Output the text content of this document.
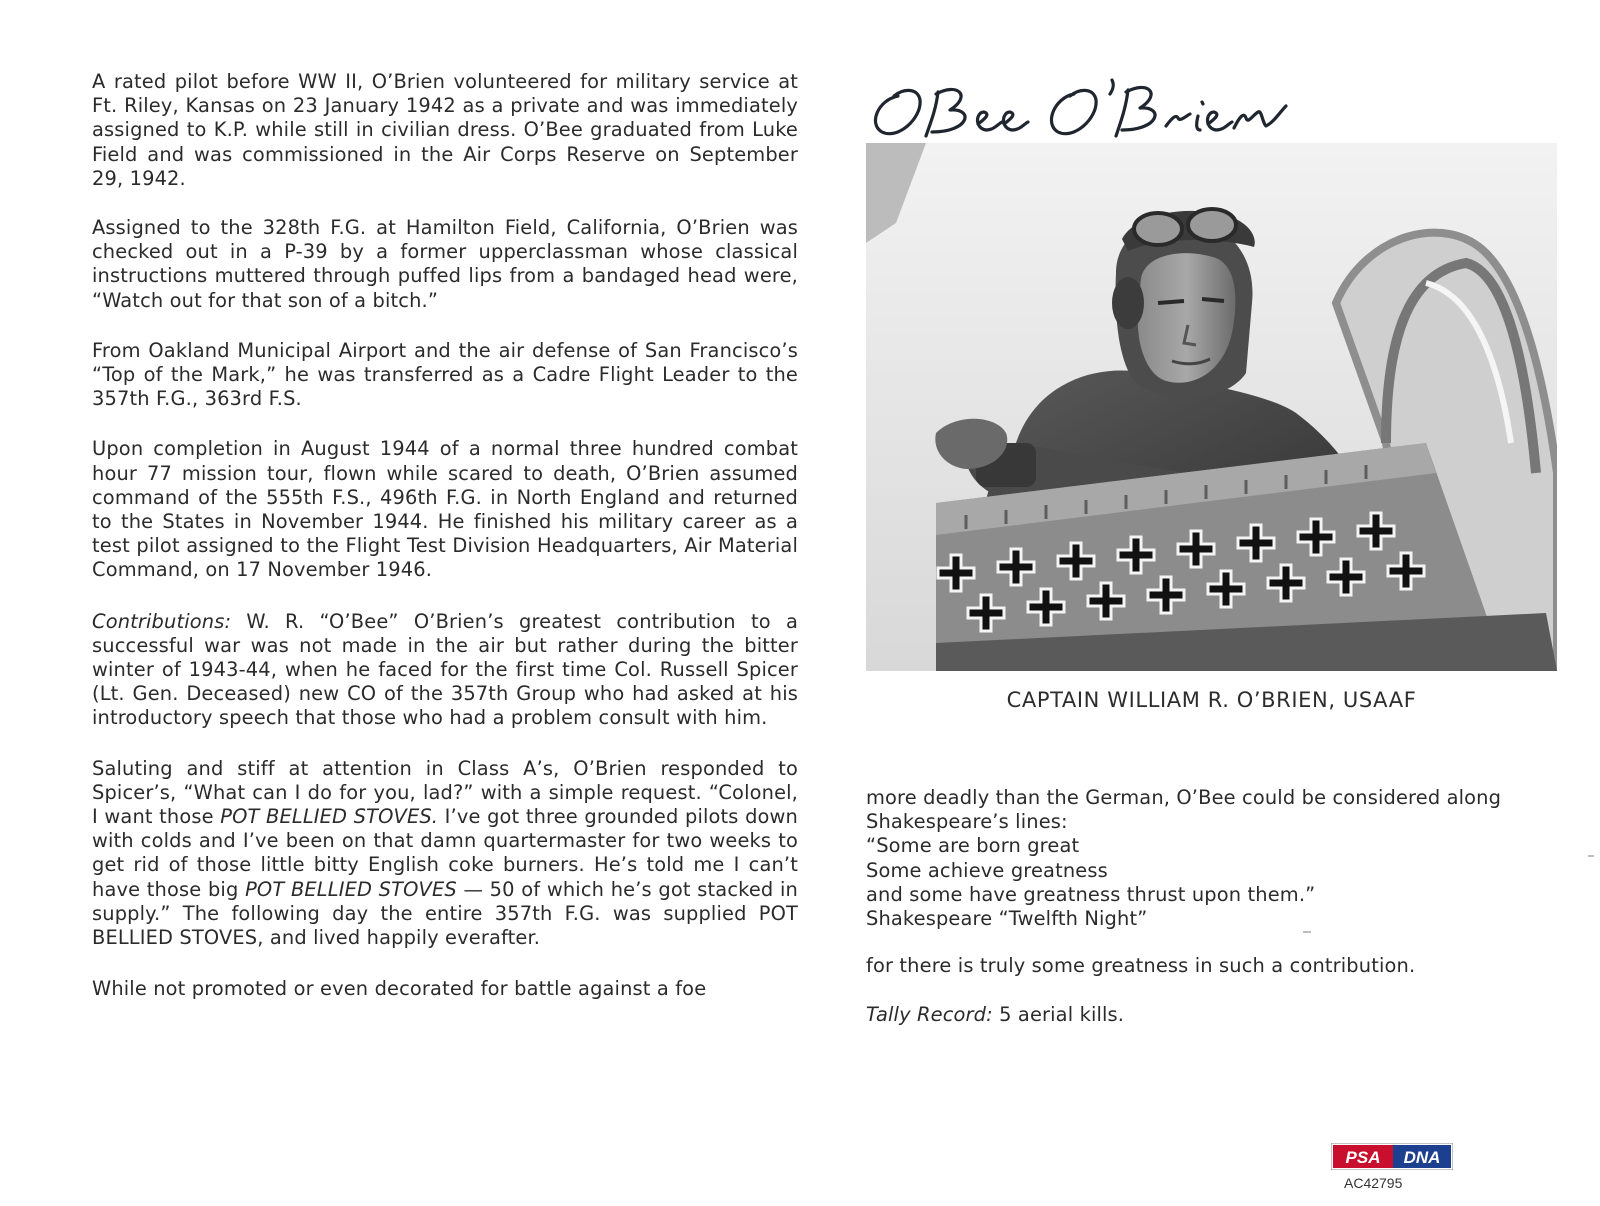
A rated pilot before WW II, O’Brien volunteered for military service at Ft. Riley, Kansas on 23 January 1942 as a private and was immediately assigned to K.P. while still in civilian dress. O’Bee graduated from Luke Field and was commissioned in the Air Corps Reserve on September 29, 1942.

Assigned to the 328th F.G. at Hamilton Field, California, O’Brien was checked out in a P-39 by a former upperclassman whose classical instructions muttered through puffed lips from a bandaged head were, “Watch out for that son of a bitch.”

From Oakland Municipal Airport and the air defense of San Francisco’s “Top of the Mark,” he was transferred as a Cadre Flight Leader to the 357th F.G., 363rd F.S.

Upon completion in August 1944 of a normal three hundred combat hour 77 mission tour, flown while scared to death, O’Brien assumed command of the 555th F.S., 496th F.G. in North England and returned to the States in November 1944. He finished his military career as a test pilot assigned to the Flight Test Division Headquarters, Air Material Command, on 17 November 1946.

Contributions: W. R. “O’Bee” O’Brien’s greatest contribution to a successful war was not made in the air but rather during the bitter winter of 1943-44, when he faced for the first time Col. Russell Spicer (Lt. Gen. Deceased) new CO of the 357th Group who had asked at his introductory speech that those who had a problem consult with him.

Saluting and stiff at attention in Class A’s, O’Brien responded to Spicer’s, “What can I do for you, lad?” with a simple request. “Colonel, I want those POT BELLIED STOVES. I’ve got three grounded pilots down with colds and I’ve been on that damn quartermaster for two weeks to get rid of those little bitty English coke burners. He’s told me I can’t have those big POT BELLIED STOVES — 50 of which he’s got stacked in supply.” The following day the entire 357th F.G. was supplied POT BELLIED STOVES, and lived happily everafter.

While not promoted or even decorated for battle against a foe

CAPTAIN WILLIAM R. O’BRIEN, USAAF

more deadly than the German, O’Bee could be considered along Shakespeare’s lines:

“Some are born great

Some achieve greatness

and some have greatness thrust upon them.”

Shakespeare “Twelfth Night”

for there is truly some greatness in such a contribution.

Tally Record: 5 aerial kills.

PSA DNA
AC42795
